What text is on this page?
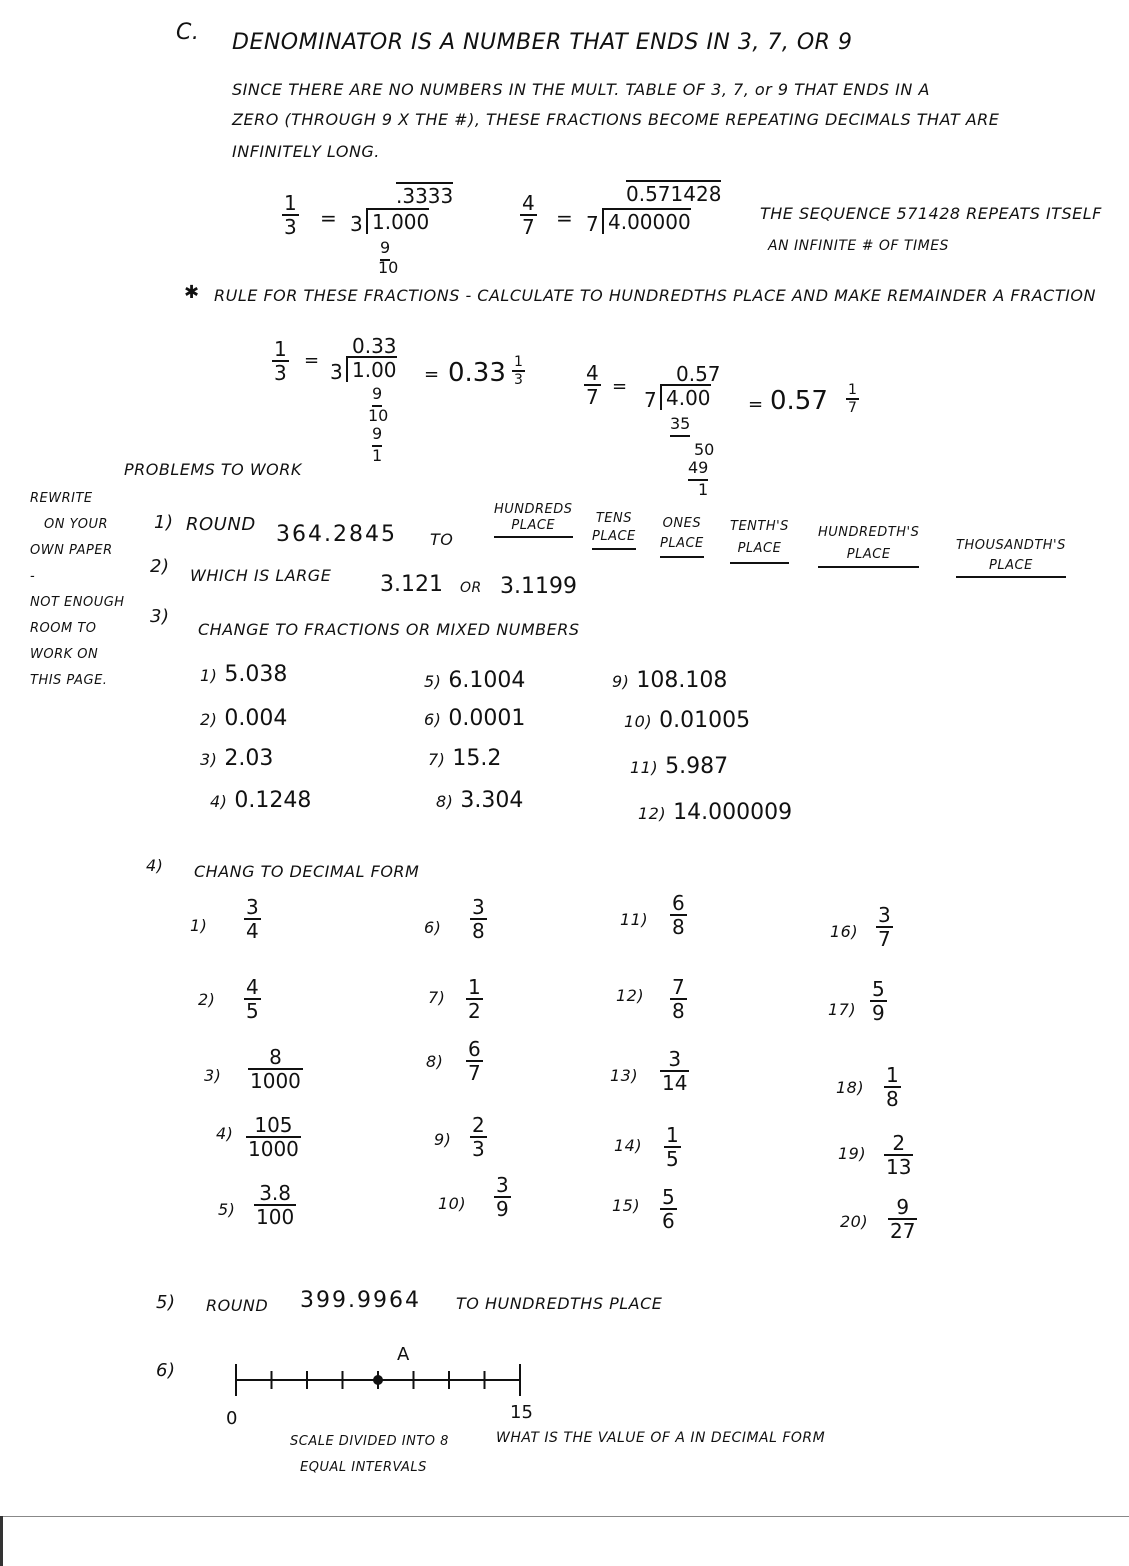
C. DENOMINATOR IS A NUMBER THAT ENDS IN 3, 7, OR 9
SINCE THERE ARE NO NUMBERS IN THE MULT. TABLE OF 3, 7, or 9 THAT ENDS IN A
ZERO (THROUGH 9 X THE #), THESE FRACTIONS BECOME REPEATING DECIMALS THAT ARE
INFINITELY LONG.
$\frac{1}{3}$ =
.3333
3 1.000
9
10
$\frac{4}{7}$ =
0.571428
7 4.00000	THE SEQUENCE 571428 REPEATS ITSELF
AN INFINITE # OF TIMES
✱ RULE FOR THESE FRACTIONS - CALCULATE TO HUNDREDTHS PLACE AND MAKE REMAINDER A FRACTION
$\frac{1}{3}$ =
0.33
3 1.00
9
10
9
1
= $0.33 \frac{1}{3}$	$\frac{4}{7}$ =
0.57
7 4.00
35
50
49
1
= $0.57 \frac{1}{7}$
PROBLEMS TO WORK
REWRITE
ON YOUR
OWN PAPER
-
NOT ENOUGH
ROOM TO
WORK ON
THIS PAGE.
1) ROUND 364.2845 TO
HUNDREDS
PLACE	TENS
PLACE
ONES
PLACE
TENTH'S
PLACE
HUNDREDTH'S
PLACE
THOUSANDTH'S
PLACE
2) WHICH IS LARGE 3.121 OR 3.1199
3)
CHANGE TO FRACTIONS OR MIXED NUMBERS
1) 5.038
2) 0.004
3) 2.03
4) 0.1248
5) 6.1004
6) 0.0001
7) 15.2
8) 3.304
9) 108.108
10) 0.01005
11) 5.987
12) 14.000009
4) CHANG TO DECIMAL FORM
$1) \frac{3}{4}$
$2) \frac{4}{5}$
$3) \frac{8}{1000}$
$4) \frac{105}{1000}$
$5) \frac{3.8}{100}$
$6) \frac{3}{8}$
$7) \frac{1}{2}$
$8) \frac{6}{7}$
$9) \frac{2}{3}$
$10) \frac{3}{9}$
$11) \frac{6}{8}$
$12) \frac{7}{8}$
$13) \frac{3}{14}$
$14) \frac{1}{5}$
$15) \frac{5}{6}$
$16) \frac{3}{7}$
$17) \frac{5}{9}$
$18) \frac{1}{8}$
$19) \frac{2}{13}$
$20) \frac{9}{27}$
5) ROUND 399.9964 TO HUNDREDTHS PLACE
6)
0	15
A
SCALE DIVIDED INTO 8
EQUAL INTERVALS
WHAT IS THE VALUE OF A IN DECIMAL FORM
